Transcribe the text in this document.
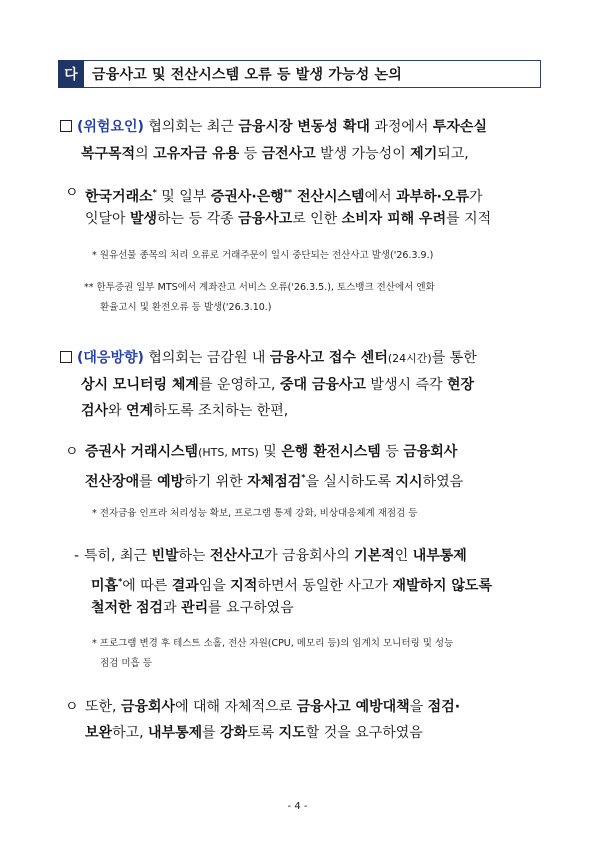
다	금융사고 및 전산시스템 오류 등 발생 가능성 논의
(위험요인) 협의회는 최근 금융시장 변동성 확대 과정에서 투자손실
복구목적의 고유자금 유용 등 금전사고 발생 가능성이 제기되고,
ㅇ 한국거래소* 및 일부 증권사·은행** 전산시스템에서 과부하·오류가
잇달아 발생하는 등 각종 금융사고로 인한 소비자 피해 우려를 지적
* 원유선물 종목의 처리 오류로 거래주문이 일시 중단되는 전산사고 발생('26.3.9.)
** 한투증권 일부 MTS에서 계좌잔고 서비스 오류('26.3.5.), 토스뱅크 전산에서 엔화
환율고시 및 환전오류 등 발생('26.3.10.)
(대응방향) 협의회는 금감원 내 금융사고 접수 센터(24시간)를 통한
상시 모니터링 체계를 운영하고, 중대 금융사고 발생시 즉각 현장
검사와 연계하도록 조치하는 한편,
ㅇ 증권사 거래시스템(HTS, MTS) 및 은행 환전시스템 등 금융회사
전산장애를 예방하기 위한 자체점검*을 실시하도록 지시하였음
* 전자금융 인프라 처리성능 확보, 프로그램 통제 강화, 비상대응체계 재점검 등
- 특히, 최근 빈발하는 전산사고가 금융회사의 기본적인 내부통제
미흡*에 따른 결과임을 지적하면서 동일한 사고가 재발하지 않도록
철저한 점검과 관리를 요구하였음
* 프로그램 변경 후 테스트 소홀, 전산 자원(CPU, 메모리 등)의 임계치 모니터링 및 성능
점검 미흡 등
ㅇ 또한, 금융회사에 대해 자체적으로 금융사고 예방대책을 점검·
보완하고, 내부통제를 강화토록 지도할 것을 요구하였음
- 4 -
